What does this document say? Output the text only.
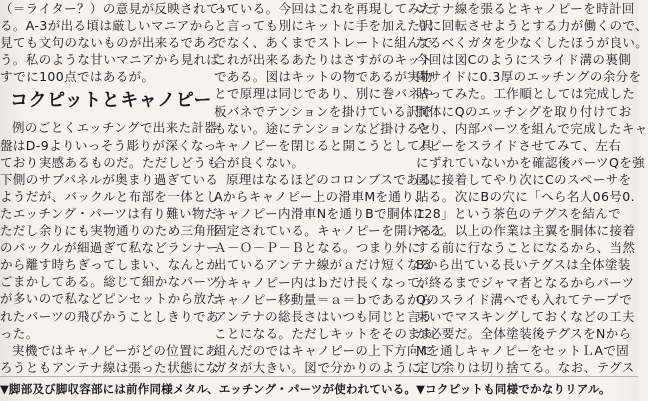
（＝ライター？）の意見が反映されてい
る。A-3が出る頃は厳しいマニアから
見ても文句のないものが出来るであろ
う。私のような甘いマニアから見れば
すでに100点ではあるが。
コクピットとキャノピー
例のごとくエッチングで出来た計器
盤はD-9よりいっそう彫りが深くなっ
ており実感あるものだ。ただしどうも
下側のサブパネルが奥まり過ぎている
ようだが、バックルと布部を一体とし
たエッチング・パーツは有り難い物だ。
ただし余りにも実物通りのため三角形
のバックルが細過ぎて私などランナー
から離す時ちぎってしまい、なんとか
ごまかしてある。総じて細かなパーツ
が多いので私などピンセットから放た
れたパーツの飛びかうことしきりであ
った。
実機ではキャノピーがどの位置にあ
ろうともアンテナ線は張った状態にな
っている。今回はこれを再現してみた。
と言っても別にキットに手を加えた訳
でなく、あくまでストレートに組んで
これが出来るあたりはさすがのキット
である。図はキットの物であるが実物
とで原理は同じであり、別に巻バネや
板バネでテンションを掛けている訳で
もない。途にテンションなど掛けると
キャノピーを閉じると開こうとして具
合が良くない。
原理はなるほどのコロンブスである。
Aからキャノピー上の滑車Mを通り、
キャノピー内滑車Nを通りBで胴体に
固定されている。キャノピーを開けると
Ａ－Ｏ－Ｐ－Ｂとなる。つまり外に
出ているアンテナ線がａだけ短くなる
分キャノピー内はｂだけ長くなって、
キャノピー移動量＝ａ＝ｂであるから
アンテナの総長さはいつも同じと言う
ことになる。ただしキットをそのまま
組んだのではキャノピーの上下方向に
ガタが大きい。図で分かりのように、ア
ンテナ線を張るとキャノピーを時計回
りに回転させようとする力が働くので、
なるべくガタを少なくしたほうが良い。
今回は図Cのようにスライド溝の裏側
両サイドに0.3厚のエッチングの余分を
貼ってみた。工作順としては完成した
胴体にQのエッチングを取り付けてお
やり、内部パーツを組んで完成したキャ
ノピーをスライドさせてみて、左右
にずれていないかを確認後パーツQを強
固に接着してやり次にCのスペーサを
貼る。次にBの穴に「へら名人06号0.
128」という茶色のテグスを結んで
やる。以上の作業は主翼を胴体に接着
する前に行なうことになるから、当然
Bから出ている長いテグスは全体塗装
が終るまでジャマ者となるからパーツ
Qのスライド溝へでも入れてテープで
束いでマスキングしておくなどの工夫
が必要だ。全体塗装後テグスをNから
Mを通しキャノピーをセットＬAで固
定し余りは切り捨てる。なお、テグス
▼脚部及び脚収容部には前作同様メタル、エッチング・パーツが使われている。▼コクピットも同様でかなりリアル。
